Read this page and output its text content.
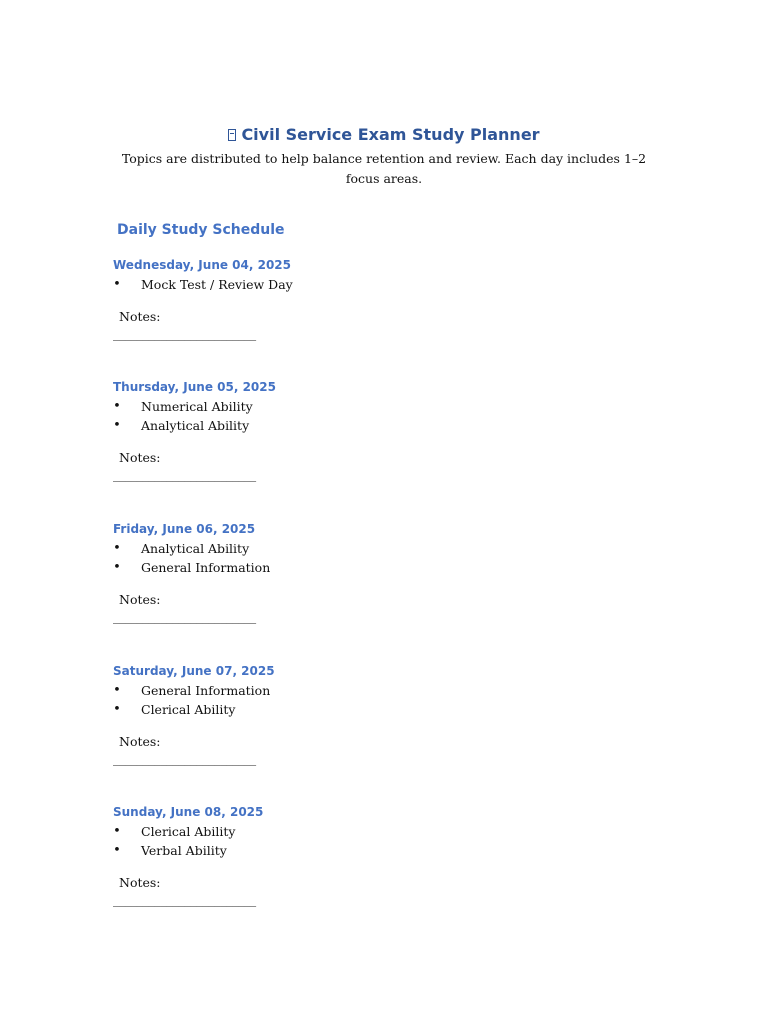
Civil Service Exam Study Planner
Topics are distributed to help balance retention and review. Each day includes 1–2 focus areas.
Daily Study Schedule
Wednesday, June 04, 2025
• Mock Test / Review Day
Notes:
________________________
Thursday, June 05, 2025
• Numerical Ability
• Analytical Ability
Notes:
________________________
Friday, June 06, 2025
• Analytical Ability
• General Information
Notes:
________________________
Saturday, June 07, 2025
• General Information
• Clerical Ability
Notes:
________________________
Sunday, June 08, 2025
• Clerical Ability
• Verbal Ability
Notes:
________________________
